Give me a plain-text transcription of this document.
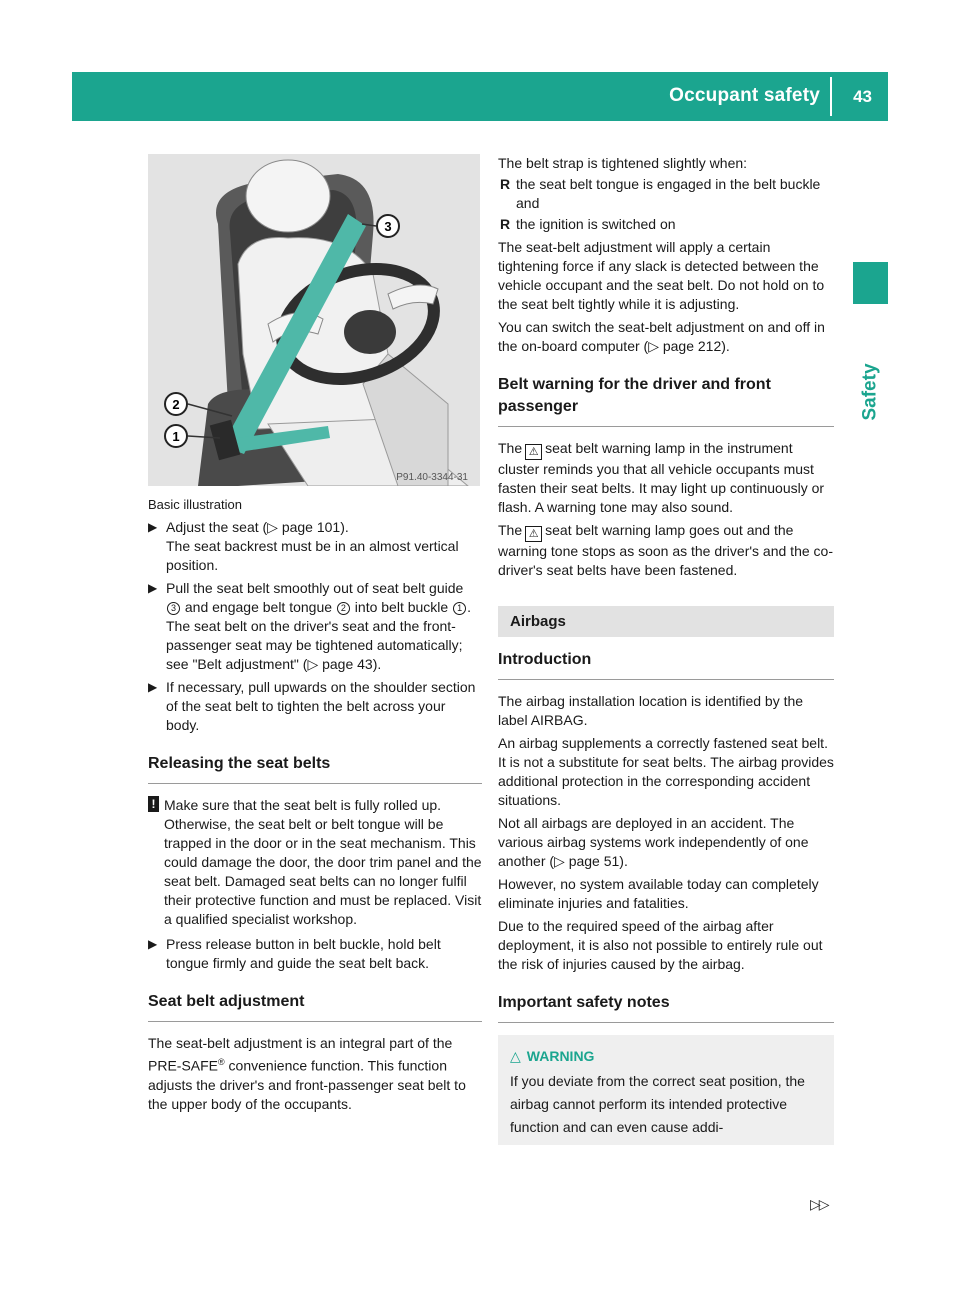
Occupant safety 43
Safety
3
2
1
P91.40-3344-31
Basic illustration
▶ Adjust the seat (▷ page 101).
The seat backrest must be in an almost vertical position.
▶ Pull the seat belt smoothly out of seat belt guide 3 and engage belt tongue 2 into belt buckle 1 .
The seat belt on the driver's seat and the front-passenger seat may be tightened automatically; see "Belt adjustment" (▷ page 43).
▶ If necessary, pull upwards on the shoulder section of the seat belt to tighten the belt across your body.
Releasing the seat belts
! Make sure that the seat belt is fully rolled up. Otherwise, the seat belt or belt tongue will be trapped in the door or in the seat mechanism. This could damage the door, the door trim panel and the seat belt. Damaged seat belts can no longer fulfil their protective function and must be replaced. Visit a qualified specialist workshop.
▶ Press release button in belt buckle, hold belt tongue firmly and guide the seat belt back.
Seat belt adjustment
The seat-belt adjustment is an integral part of the PRE-SAFE® convenience function. This function adjusts the driver's and front-passenger seat belt to the upper body of the occupants.
The belt strap is tightened slightly when:
R the seat belt tongue is engaged in the belt buckle and
R the ignition is switched on
The seat-belt adjustment will apply a certain tightening force if any slack is detected between the vehicle occupant and the seat belt. Do not hold on to the seat belt tightly while it is adjusting.
You can switch the seat-belt adjustment on and off in the on-board computer (▷ page 212).
Belt warning for the driver and front passenger
The ⚠ seat belt warning lamp in the instrument cluster reminds you that all vehicle occupants must fasten their seat belts. It may light up continuously or flash. A warning tone may also sound.
The ⚠ seat belt warning lamp goes out and the warning tone stops as soon as the driver's and the co-driver's seat belts have been fastened.
Airbags
Introduction
The airbag installation location is identified by the label AIRBAG.
An airbag supplements a correctly fastened seat belt. It is not a substitute for seat belts. The airbag provides additional protection in the corresponding accident situations.
Not all airbags are deployed in an accident. The various airbag systems work independently of one another (▷ page 51).
However, no system available today can completely eliminate injuries and fatalities.
Due to the required speed of the airbag after deployment, it is also not possible to entirely rule out the risk of injuries caused by the airbag.
Important safety notes
△ WARNING
If you deviate from the correct seat position, the airbag cannot perform its intended protective function and can even cause addi-
▷▷
